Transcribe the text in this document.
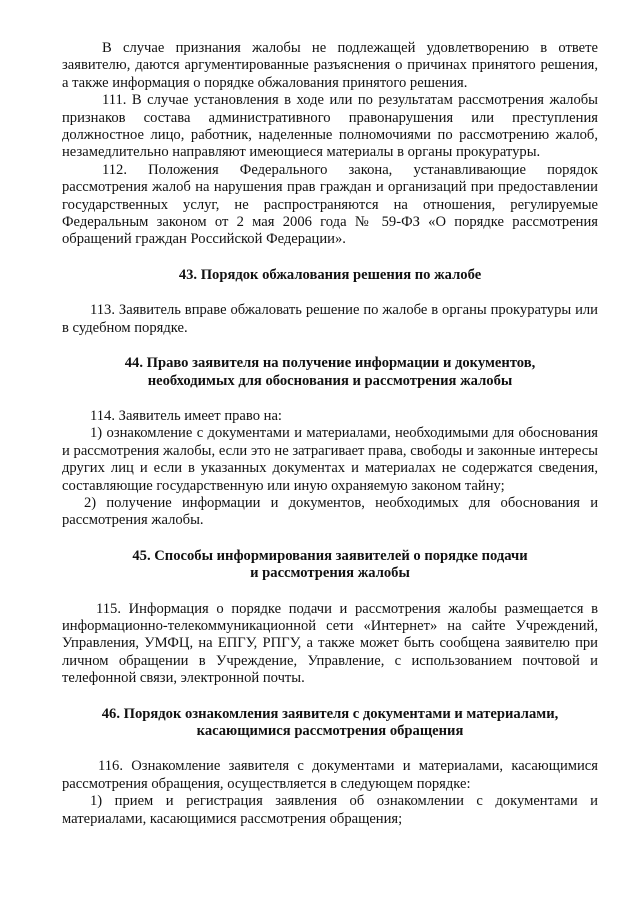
В случае признания жалобы не подлежащей удовлетворению в ответе заявителю, даются аргументированные разъяснения о причинах принятого решения, а также информация о порядке обжалования принятого решения.

111. В случае установления в ходе или по результатам рассмотрения жалобы признаков состава административного правонарушения или преступления должностное лицо, работник, наделенные полномочиями по рассмотрению жалоб, незамедлительно направляют имеющиеся материалы в органы прокуратуры.

112. Положения Федерального закона, устанавливающие порядок рассмотрения жалоб на нарушения прав граждан и организаций при предоставлении государственных услуг, не распространяются на отношения, регулируемые Федеральным законом от 2 мая 2006 года № 59-ФЗ «О порядке рассмотрения обращений граждан Российской Федерации».

43. Порядок обжалования решения по жалобе

113. Заявитель вправе обжаловать решение по жалобе в органы прокуратуры или в судебном порядке.

44. Право заявителя на получение информации и документов,
необходимых для обоснования и рассмотрения жалобы

114. Заявитель имеет право на:

1) ознакомление с документами и материалами, необходимыми для обоснования и рассмотрения жалобы, если это не затрагивает права, свободы и законные интересы других лиц и если в указанных документах и материалах не содержатся сведения, составляющие государственную или иную охраняемую законом тайну;

2) получение информации и документов, необходимых для обоснования и рассмотрения жалобы.

45. Способы информирования заявителей о порядке подачи
и рассмотрения жалобы

115. Информация о порядке подачи и рассмотрения жалобы размещается в информационно-телекоммуникационной сети «Интернет» на сайте Учреждений, Управления, УМФЦ, на ЕПГУ, РПГУ, а также может быть сообщена заявителю при личном обращении в Учреждение, Управление, с использованием почтовой и телефонной связи, электронной почты.

46. Порядок ознакомления заявителя с документами и материалами,
касающимися рассмотрения обращения

116. Ознакомление заявителя с документами и материалами, касающимися рассмотрения обращения, осуществляется в следующем порядке:

1) прием и регистрация заявления об ознакомлении с документами и материалами, касающимися рассмотрения обращения;
